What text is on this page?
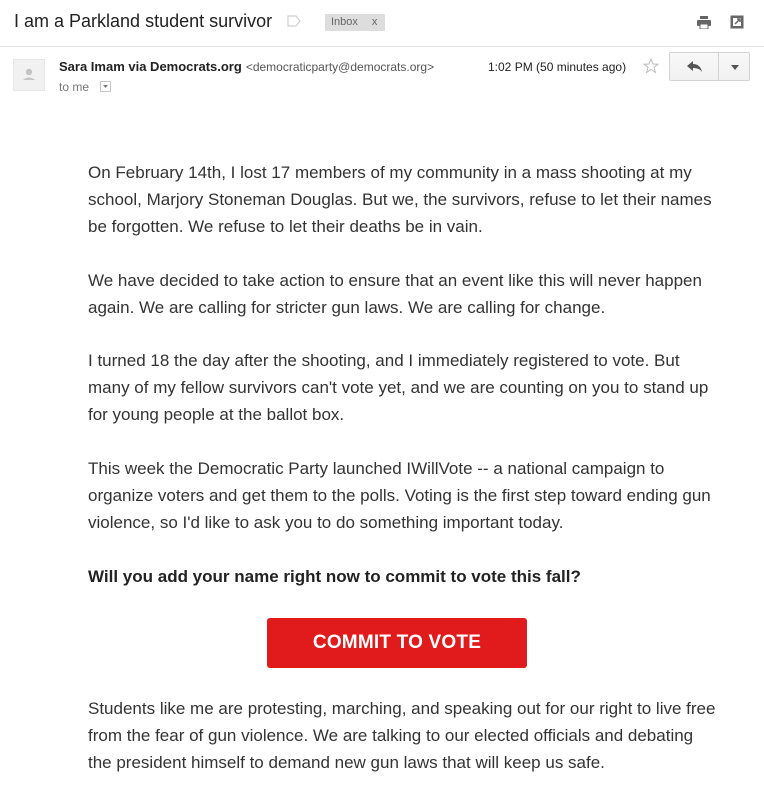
I am a Parkland student survivor	Inbox x
Sara Imam via Democrats.org <democraticparty@democrats.org>
to me
1:02 PM (50 minutes ago)

On February 14th, I lost 17 members of my community in a mass shooting at my school, Marjory Stoneman Douglas. But we, the survivors, refuse to let their names be forgotten. We refuse to let their deaths be in vain.

We have decided to take action to ensure that an event like this will never happen again. We are calling for stricter gun laws. We are calling for change.

I turned 18 the day after the shooting, and I immediately registered to vote. But many of my fellow survivors can't vote yet, and we are counting on you to stand up for young people at the ballot box.

This week the Democratic Party launched IWillVote -- a national campaign to organize voters and get them to the polls. Voting is the first step toward ending gun violence, so I'd like to ask you to do something important today.

Will you add your name right now to commit to vote this fall?

COMMIT TO VOTE

Students like me are protesting, marching, and speaking out for our right to live free from the fear of gun violence. We are talking to our elected officials and debating the president himself to demand new gun laws that will keep us safe.
